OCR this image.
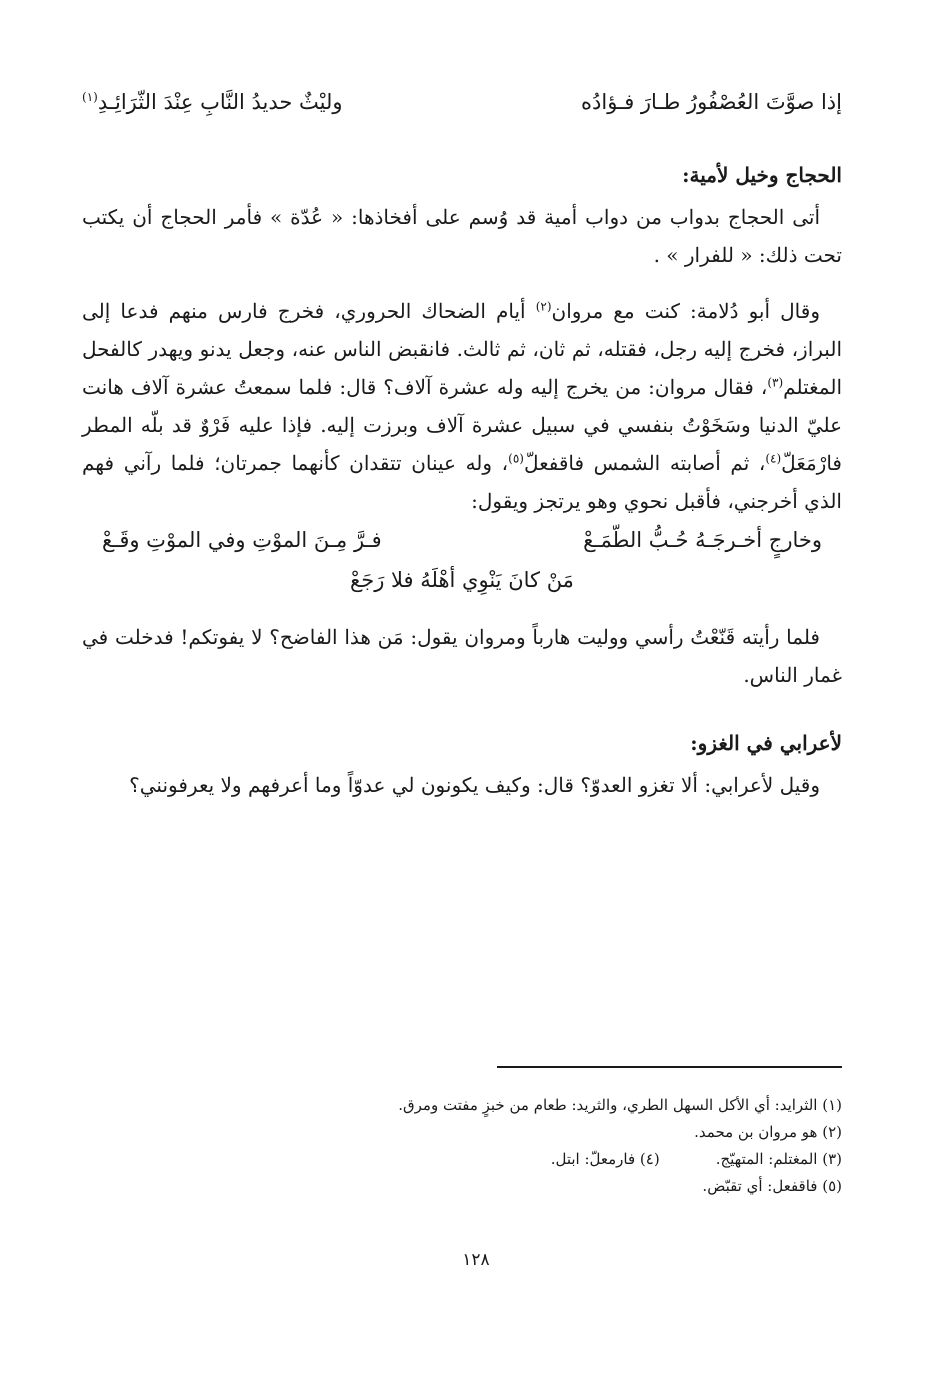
إذا صوَّتَ العُصْفُورُ طـارَ فـؤادُه
وليْثٌ حديدُ النَّابِ عِنْدَ الثّرَائِـدِ$^{(١)}$
الحجاج وخيل لأمية:

أتى الحجاج بدواب من دواب أمية قد وُسم على أفخاذها: « عُدّة » فأمر الحجاج أن يكتب تحت ذلك: « للفرار » .

وقال أبو دُلامة: كنت مع مروان$^{(٢)}$ أيام الضحاك الحروري، فخرج فارس منهم فدعا إلى البراز، فخرج إليه رجل، فقتله، ثم ثان، ثم ثالث. فانقبض الناس عنه، وجعل يدنو ويهدر كالفحل المغتلم$^{(٣)}$، فقال مروان: من يخرج إليه وله عشرة آلاف؟ قال: فلما سمعتُ عشرة آلاف هانت عليّ الدنيا وسَخَوْتُ بنفسي في سبيل عشرة آلاف وبرزت إليه. فإذا عليه فَرْوٌ قد بلّه المطر فارْمَعَلّ$^{(٤)}$، ثم أصابته الشمس فاقفعلّ$^{(٥)}$، وله عينان تتقدان كأنهما جمرتان؛ فلما رآني فهم الذي أخرجني، فأقبل نحوي وهو يرتجز ويقول:

وخارجٍ أخـرجَـهُ حُـبُّ الطّمَـعْ
فـرَّ مِـنَ الموْتِ وفي الموْتِ وقَـعْ
مَنْ كانَ يَنْوِي أهْلَهُ فلا رَجَعْ

فلما رأيته قَنّعْتُ رأسي ووليت هارباً ومروان يقول: مَن هذا الفاضح؟ لا يفوتكم! فدخلت في غمار الناس.

لأعرابي في الغزو:

وقيل لأعرابي: ألا تغزو العدوّ؟ قال: وكيف يكونون لي عدوّاً وما أعرفهم ولا يعرفونني؟

(١) الثرايد: أي الأكل السهل الطري، والثريد: طعام من خبزٍ مفتت ومرق.
(٢) هو مروان بن محمد.
(٣) المغتلم: المتهيّج.
(٤) فارمعلّ: ابتل.
(٥) فاقفعل: أي تقبّض.
١٢٨
